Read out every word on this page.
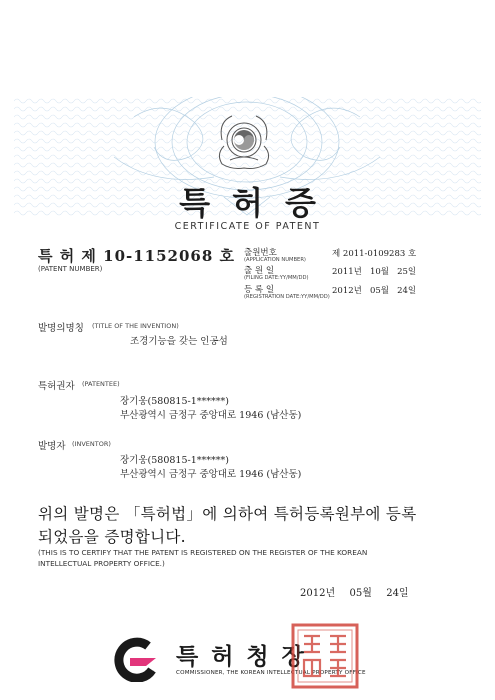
특허증
CERTIFICATE OF PATENT
특 허 제 10-1152068 호
(PATENT NUMBER)
출원번호
(APPLICATION NUMBER)
제 2011-0109283 호
출 원 일
(FILING DATE:YY/MM/DD)
2011년   10월   25일
등 록 일
(REGISTRATION DATE:YY/MM/DD)
2012년   05월   24일
발명의명칭 (TITLE OF THE INVENTION)
조경기능을 갖는 인공섬
특허권자 (PATENTEE)
장기웅(580815-1******)
부산광역시 금정구 중앙대로 1946 (남산동)
발명자 (INVENTOR)
장기웅(580815-1******)
부산광역시 금정구 중앙대로 1946 (남산동)
위의 발명은 「특허법」에 의하여 특허등록원부에 등록
되었음을 증명합니다.
(THIS IS TO CERTIFY THAT THE PATENT IS REGISTERED ON THE REGISTER OF THE KOREAN
INTELLECTUAL PROPERTY OFFICE.)
2012년  05월  24일
특허청장
COMMISSIONER, THE KOREAN INTELLECTUAL PROPERTY OFFICE
